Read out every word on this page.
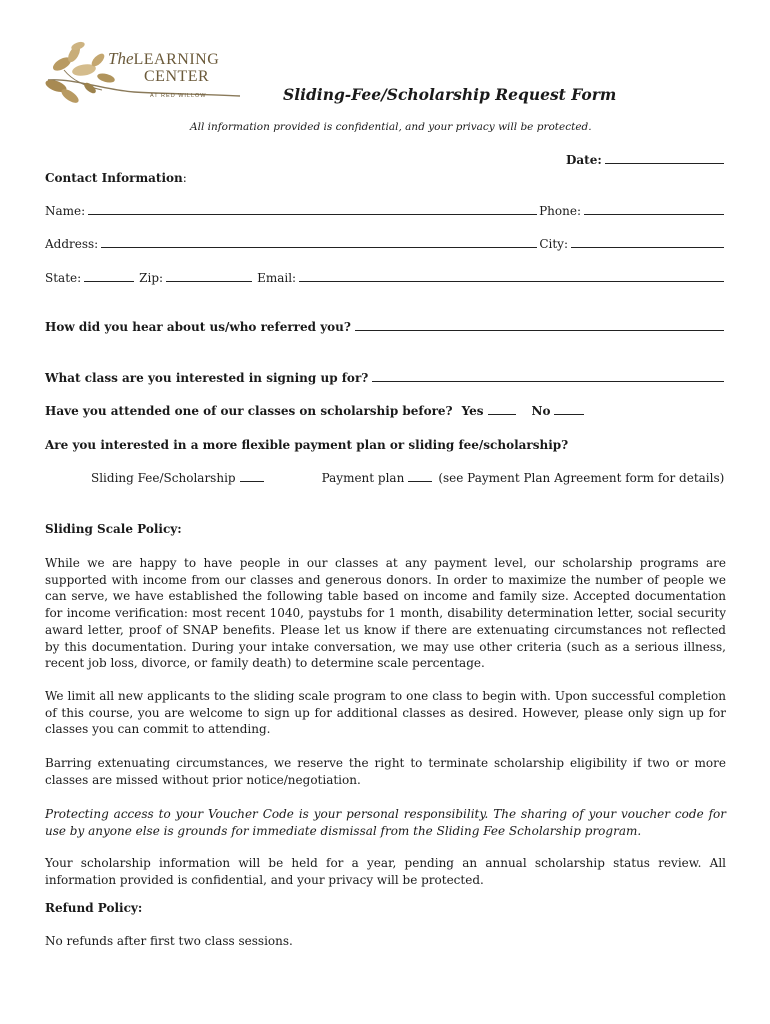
TheLEARNING
CENTER
AT RED WILLOW	Sliding-Fee/Scholarship Request Form
All information provided is confidential, and your privacy will be protected.
Date:
Contact Information:
Name:	Phone:
Address:	City:
State:	Zip:	Email:
How did you hear about us/who referred you?
What class are you interested in signing up for?
Have you attended one of our classes on scholarship before? Yes	No
Are you interested in a more flexible payment plan or sliding fee/scholarship?
Sliding Fee/Scholarship	Payment plan	(see Payment Plan Agreement form for details)
Sliding Scale Policy:
While we are happy to have people in our classes at any payment level, our scholarship programs are supported with income from our classes and generous donors. In order to maximize the number of people we can serve, we have established the following table based on income and family size. Accepted documentation for income verification: most recent 1040, paystubs for 1 month, disability determination letter, social security award letter, proof of SNAP benefits. Please let us know if there are extenuating circumstances not reflected by this documentation. During your intake conversation, we may use other criteria (such as a serious illness, recent job loss, divorce, or family death) to determine scale percentage.
We limit all new applicants to the sliding scale program to one class to begin with. Upon successful completion of this course, you are welcome to sign up for additional classes as desired. However, please only sign up for classes you can commit to attending.
Barring extenuating circumstances, we reserve the right to terminate scholarship eligibility if two or more classes are missed without prior notice/negotiation.
Protecting access to your Voucher Code is your personal responsibility. The sharing of your voucher code for use by anyone else is grounds for immediate dismissal from the Sliding Fee Scholarship program.
Your scholarship information will be held for a year, pending an annual scholarship status review. All information provided is confidential, and your privacy will be protected.
Refund Policy:
No refunds after first two class sessions.
